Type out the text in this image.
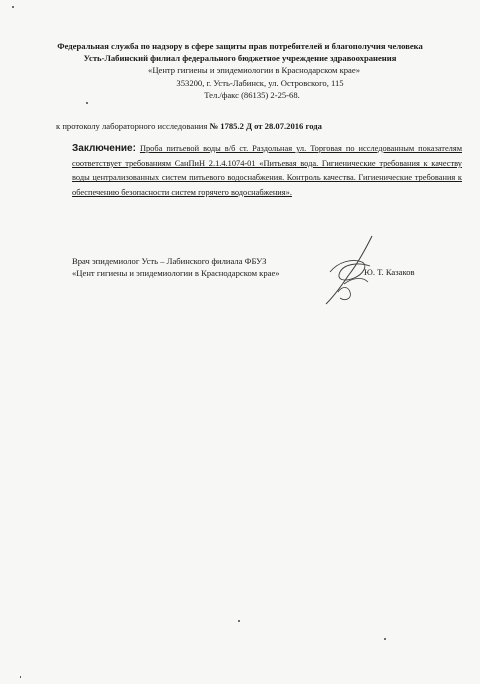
Федеральная служба по надзору в сфере защиты прав потребителей и благополучия человека
Усть-Лабинский филиал федерального бюджетное учреждение здравоохранения
«Центр гигиены и эпидемиологии в Краснодарском крае»
353200, г. Усть-Лабинск, ул. Островского, 115
Тел./факс (86135) 2-25-68.
к протоколу лабораторного исследования № 1785.2 Д от 28.07.2016 года
Заключение: Проба питьевой воды в/б ст. Раздольная ул. Торговая по исследованным показателям соответствует требованиям СанПиН 2.1.4.1074-01 «Питьевая вода. Гигиенические требования к качеству воды централизованных систем питьевого водоснабжения. Контроль качества. Гигиенические требования к обеспечению безопасности систем горячего водоснабжения».
Врач эпидемиолог Усть – Лабинского филиала ФБУЗ
«Цент гигиены и эпидемиологии в Краснодарском крае»	Ю. Т. Казаков
